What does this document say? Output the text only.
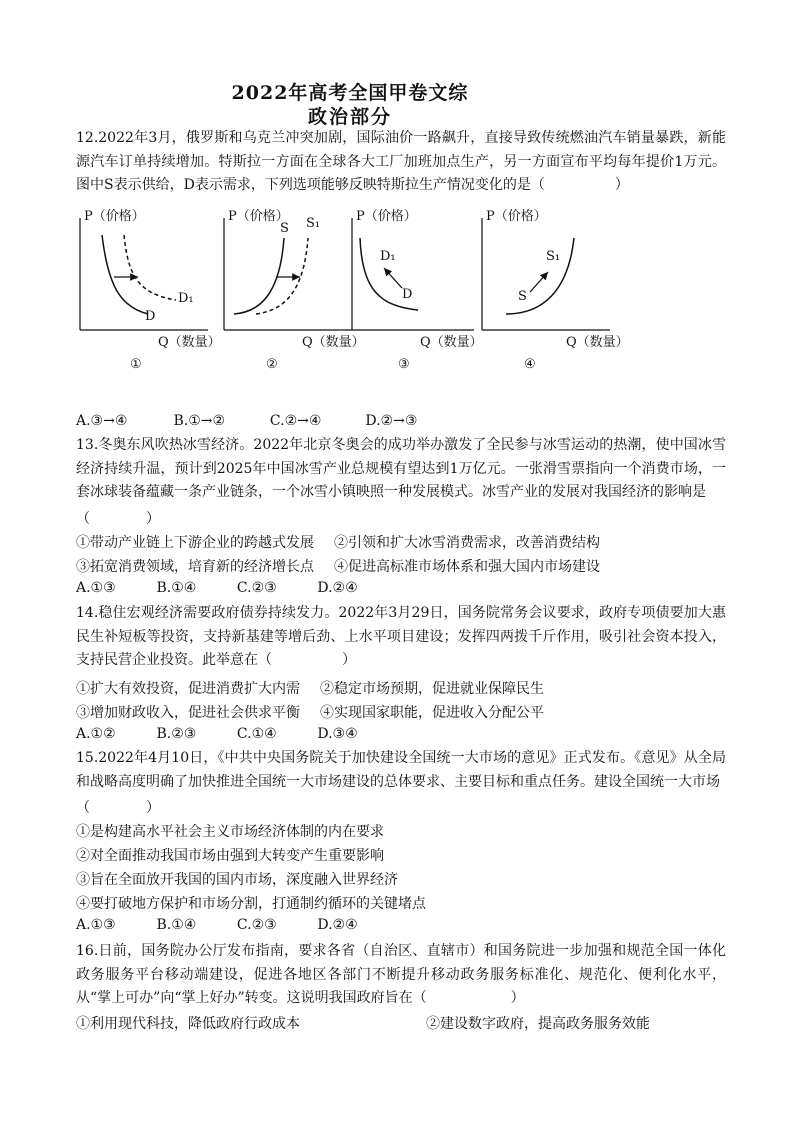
2022年高考全国甲卷文综
政治部分
12.2022年3月，俄罗斯和乌克兰冲突加剧，国际油价一路飙升，直接导致传统燃油汽车销量暴跌，新能源汽车订单持续增加。特斯拉一方面在全球各大工厂加班加点生产，另一方面宣布平均每年提价1万元。图中S表示供给，D表示需求，下列选项能够反映特斯拉生产情况变化的是（　　　　　）
P（价格）
Q（数量）
D
D₁
①
P（价格）
Q（数量）
S S₁
②
P（价格）
Q（数量）
D₁
D
③
P（价格）
Q（数量）
S
S₁
④
A.③→④	B.①→②	C.②→④	D.②→③
13.冬奥东风吹热冰雪经济。2022年北京冬奥会的成功举办激发了全民参与冰雪运动的热潮，使中国冰雪经济持续升温，预计到2025年中国冰雪产业总规模有望达到1万亿元。一张滑雪票指向一个消费市场，一套冰球装备蕴藏一条产业链条，一个冰雪小镇映照一种发展模式。冰雪产业的发展对我国经济的影响是
（　　　　）
①带动产业链上下游企业的跨越式发展 ②引领和扩大冰雪消费需求，改善消费结构
③拓宽消费领域，培育新的经济增长点 ④促进高标准市场体系和强大国内市场建设
A.①③	B.①④	C.②③	D.②④
14.稳住宏观经济需要政府债券持续发力。2022年3月29日，国务院常务会议要求，政府专项债要加大惠民生补短板等投资，支持新基建等增后劲、上水平项目建设；发挥四两拨千斤作用，吸引社会资本投入，支持民营企业投资。此举意在（　　　　　）
①扩大有效投资，促进消费扩大内需 ②稳定市场预期，促进就业保障民生
③增加财政收入，促进社会供求平衡 ④实现国家职能，促进收入分配公平
A.①②	B.②③	C.①④	D.③④
15.2022年4月10日，《中共中央国务院关于加快建设全国统一大市场的意见》正式发布。《意见》从全局和战略高度明确了加快推进全国统一大市场建设的总体要求、主要目标和重点任务。建设全国统一大市场
（　　　　）
①是构建高水平社会主义市场经济体制的内在要求
②对全面推动我国市场由强到大转变产生重要影响
③旨在全面放开我国的国内市场，深度融入世界经济
④要打破地方保护和市场分割，打通制约循环的关键堵点
A.①③	B.①④	C.②③	D.②④
16.日前，国务院办公厅发布指南，要求各省（自治区、直辖市）和国务院进一步加强和规范全国一体化政务服务平台移动端建设，促进各地区各部门不断提升移动政务服务标准化、规范化、便利化水平，从“掌上可办”向“掌上好办”转变。这说明我国政府旨在（　　　　　　）
①利用现代科技，降低政府行政成本	②建设数字政府，提高政务服务效能
